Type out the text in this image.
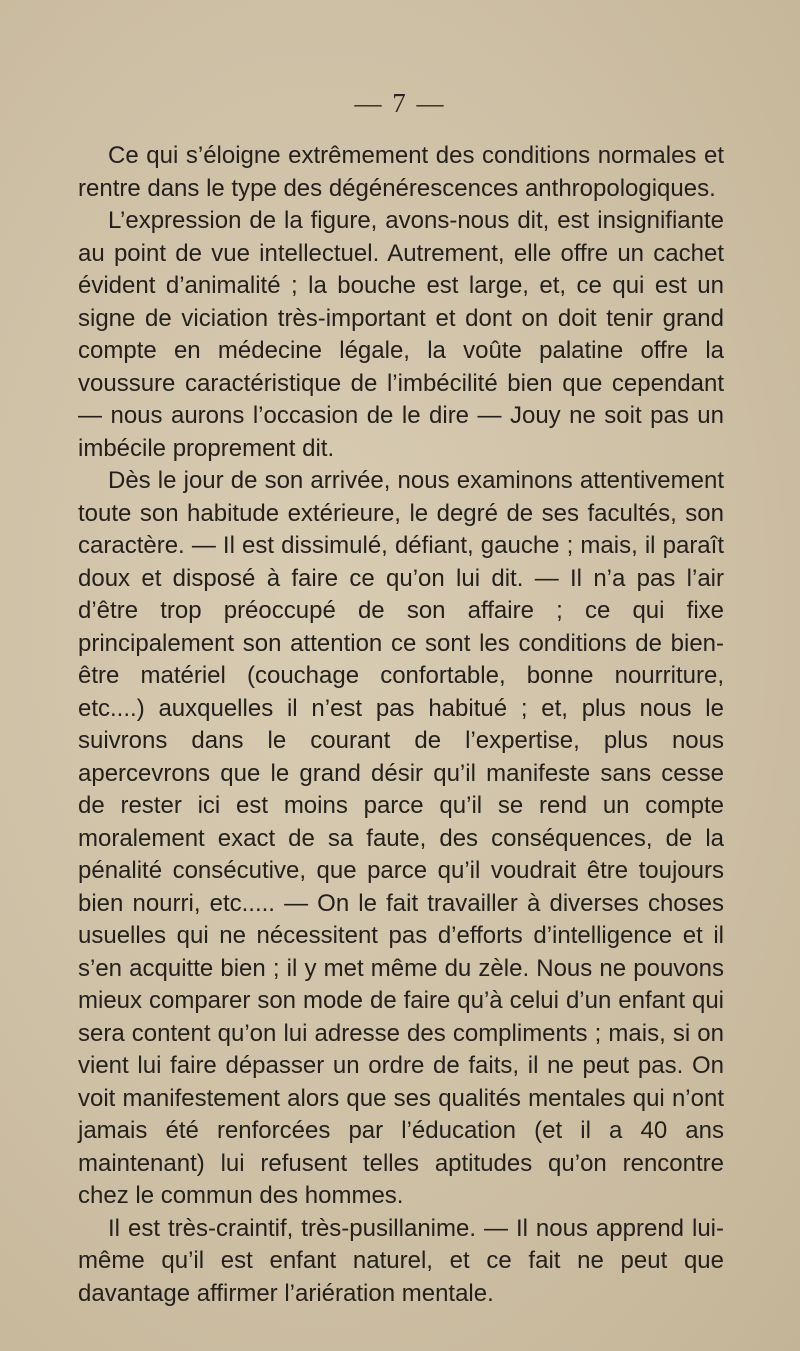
— 7 —

Ce qui s’éloigne extrêmement des conditions normales et rentre dans le type des dégénérescences anthropologiques.

L’expression de la figure, avons-nous dit, est insignifiante au point de vue intellectuel. Autrement, elle offre un cachet évident d’animalité ; la bouche est large, et, ce qui est un signe de viciation très-important et dont on doit tenir grand compte en médecine légale, la voûte palatine offre la voussure caractéristique de l’imbécilité bien que cependant — nous aurons l’occasion de le dire — Jouy ne soit pas un imbécile proprement dit.

Dès le jour de son arrivée, nous examinons attentivement toute son habitude extérieure, le degré de ses facultés, son caractère. — Il est dissimulé, défiant, gauche ; mais, il paraît doux et disposé à faire ce qu’on lui dit. — Il n’a pas l’air d’être trop préoccupé de son affaire ; ce qui fixe principalement son attention ce sont les conditions de bien-être matériel (couchage confortable, bonne nourriture, etc....) auxquelles il n’est pas habitué ; et, plus nous le suivrons dans le courant de l’expertise, plus nous apercevrons que le grand désir qu’il manifeste sans cesse de rester ici est moins parce qu’il se rend un compte moralement exact de sa faute, des conséquences, de la pénalité consécutive, que parce qu’il voudrait être toujours bien nourri, etc..... — On le fait travailler à diverses choses usuelles qui ne nécessitent pas d’efforts d’intelligence et il s’en acquitte bien ; il y met même du zèle. Nous ne pouvons mieux comparer son mode de faire qu’à celui d’un enfant qui sera content qu’on lui adresse des compliments ; mais, si on vient lui faire dépasser un ordre de faits, il ne peut pas. On voit manifestement alors que ses qualités mentales qui n’ont jamais été renforcées par l’éducation (et il a 40 ans maintenant) lui refusent telles aptitudes qu’on rencontre chez le commun des hommes.

Il est très-craintif, très-pusillanime. — Il nous apprend lui-même qu’il est enfant naturel, et ce fait ne peut que davantage affirmer l’ariération mentale.
